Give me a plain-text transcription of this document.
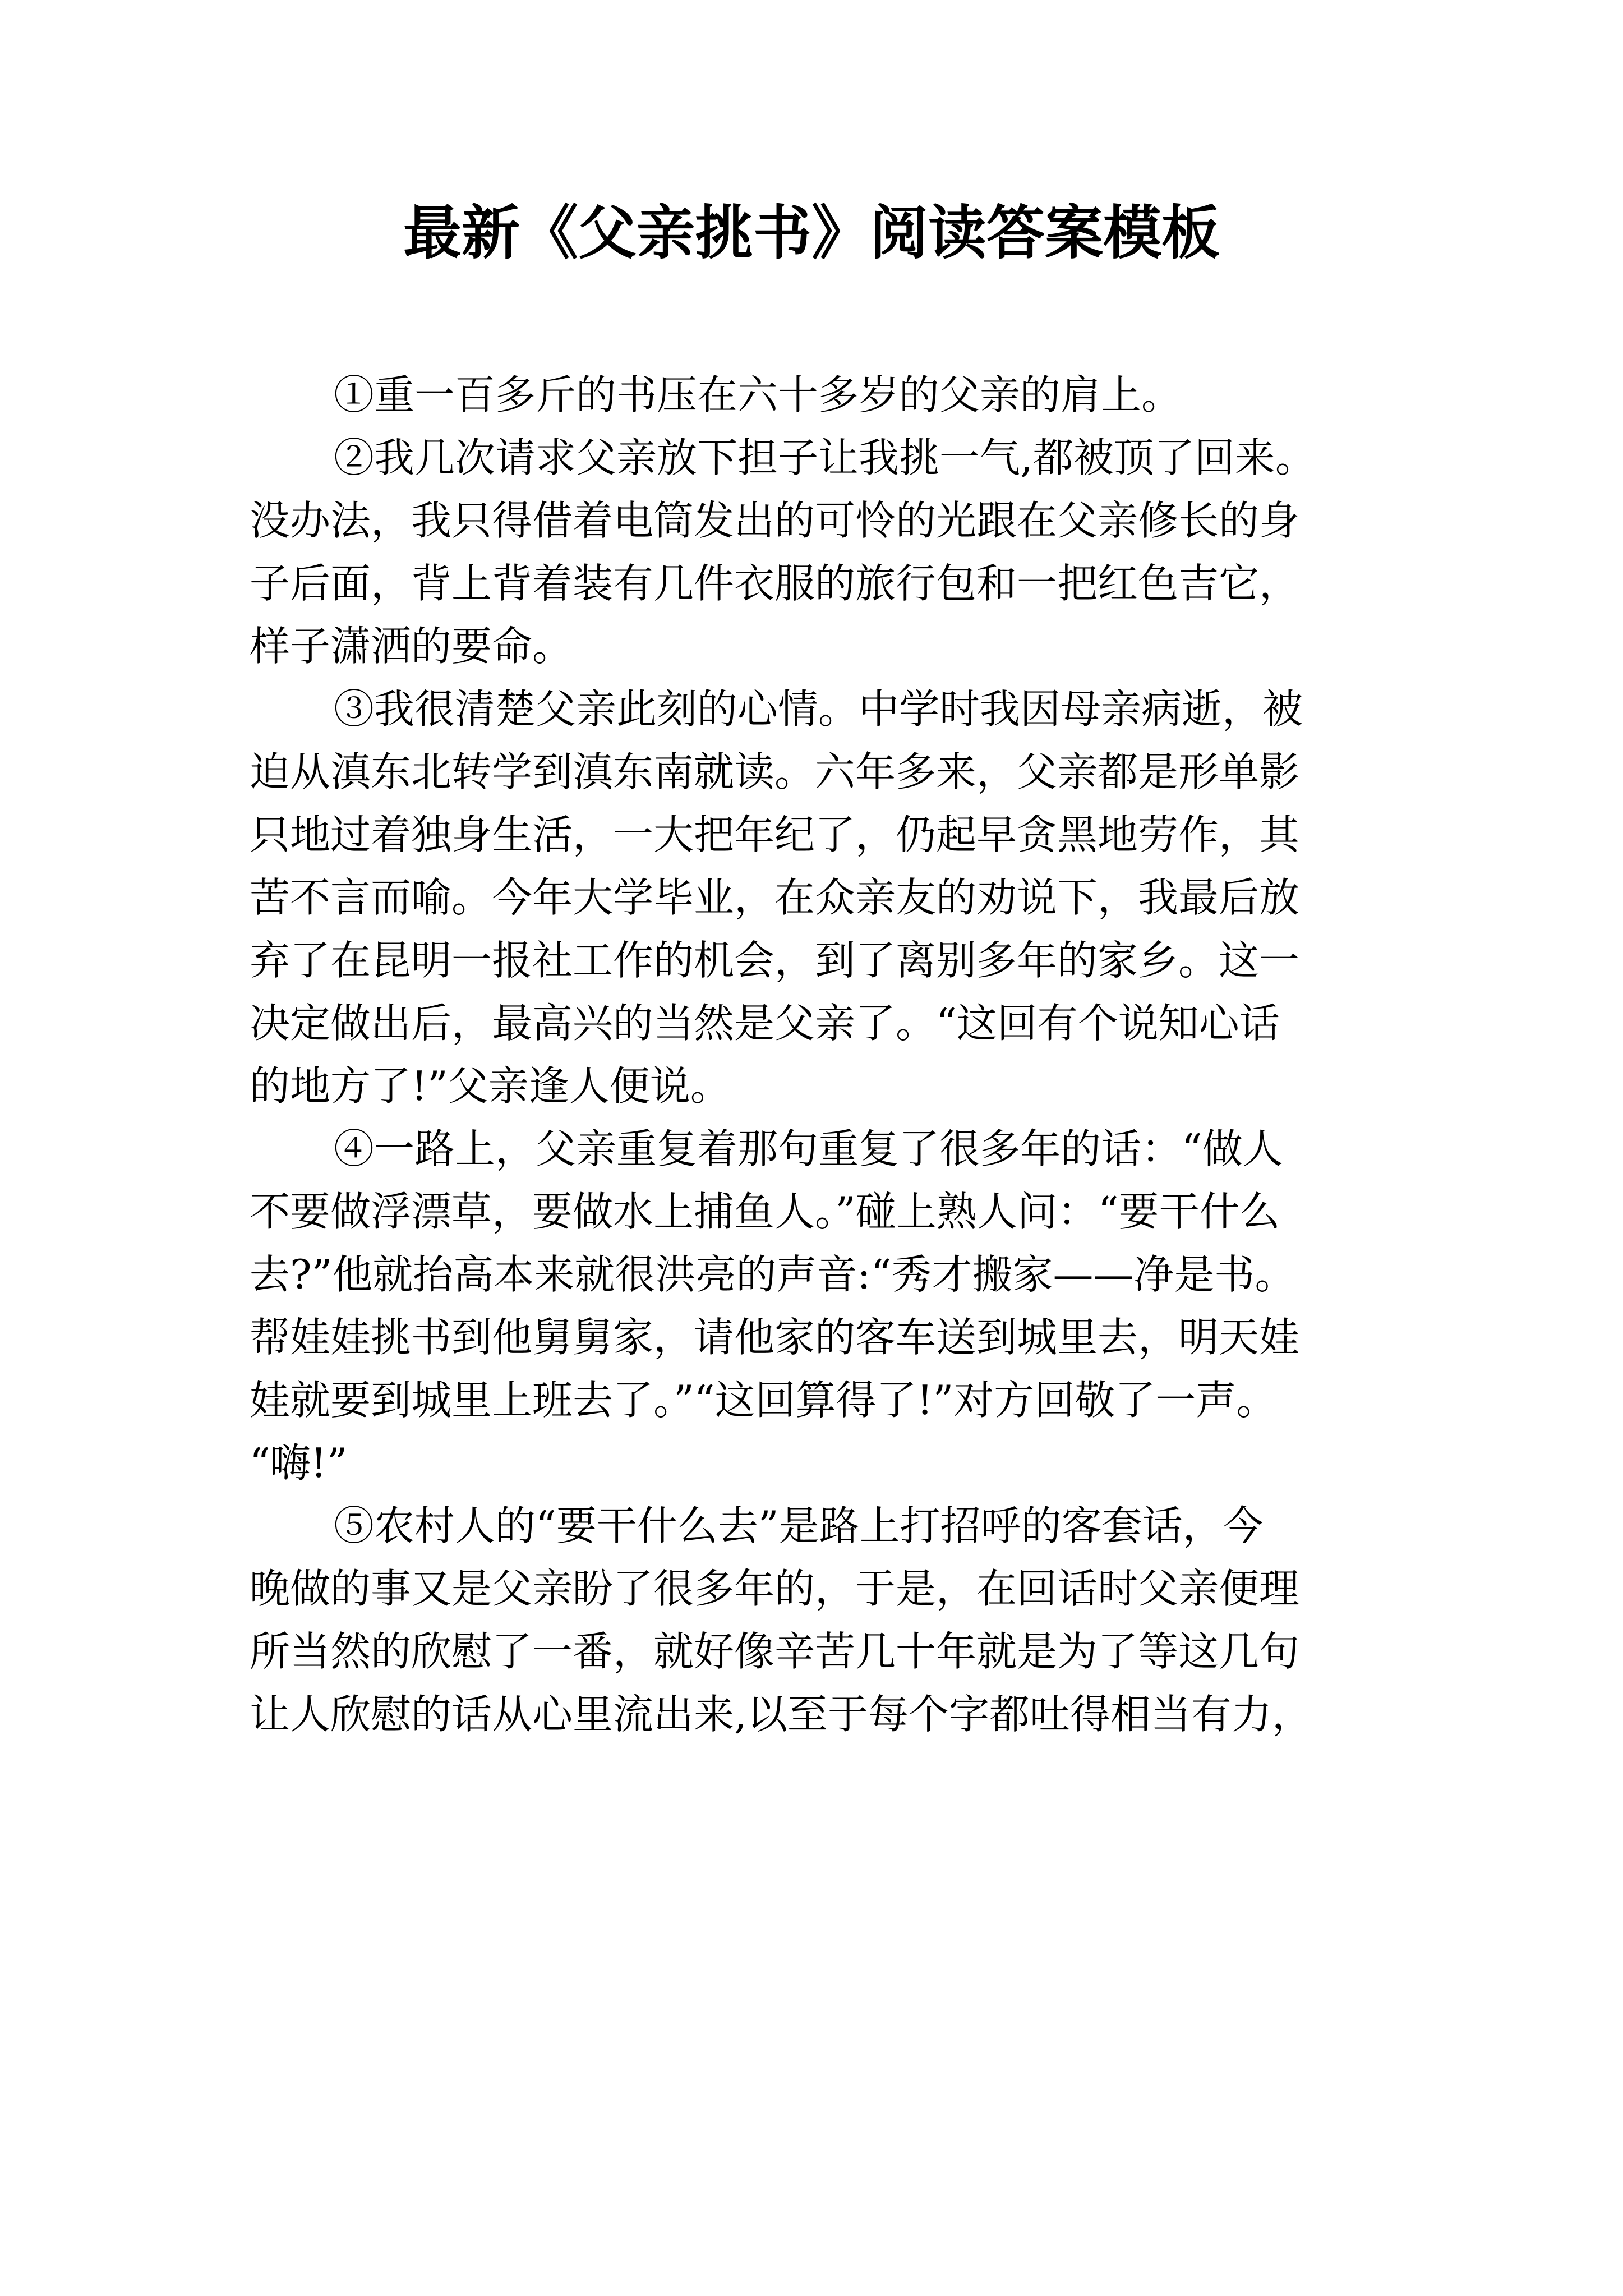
最新《父亲挑书》阅读答案模板
①重一百多斤的书压在六十多岁的父亲的肩上。
②我几次请求父亲放下担子让我挑一气,都被顶了回来。
没办法，我只得借着电筒发出的可怜的光跟在父亲修长的身
子后面，背上背着装有几件衣服的旅行包和一把红色吉它，
样子潇洒的要命。
③我很清楚父亲此刻的心情。中学时我因母亲病逝，被
迫从滇东北转学到滇东南就读。六年多来，父亲都是形单影
只地过着独身生活，一大把年纪了，仍起早贪黑地劳作，其
苦不言而喻。今年大学毕业，在众亲友的劝说下，我最后放
弃了在昆明一报社工作的机会，到了离别多年的家乡。这一
决定做出后，最高兴的当然是父亲了。“这回有个说知心话
的地方了!”父亲逢人便说。
④一路上，父亲重复着那句重复了很多年的话：“做人
不要做浮漂草，要做水上捕鱼人。”碰上熟人问：“要干什么
去?”他就抬高本来就很洪亮的声音:“秀才搬家——净是书。
帮娃娃挑书到他舅舅家，请他家的客车送到城里去，明天娃
娃就要到城里上班去了。”“这回算得了!”对方回敬了一声。
“嗨!”
⑤农村人的“要干什么去”是路上打招呼的客套话，今
晚做的事又是父亲盼了很多年的，于是，在回话时父亲便理
所当然的欣慰了一番，就好像辛苦几十年就是为了等这几句
让人欣慰的话从心里流出来,以至于每个字都吐得相当有力，
